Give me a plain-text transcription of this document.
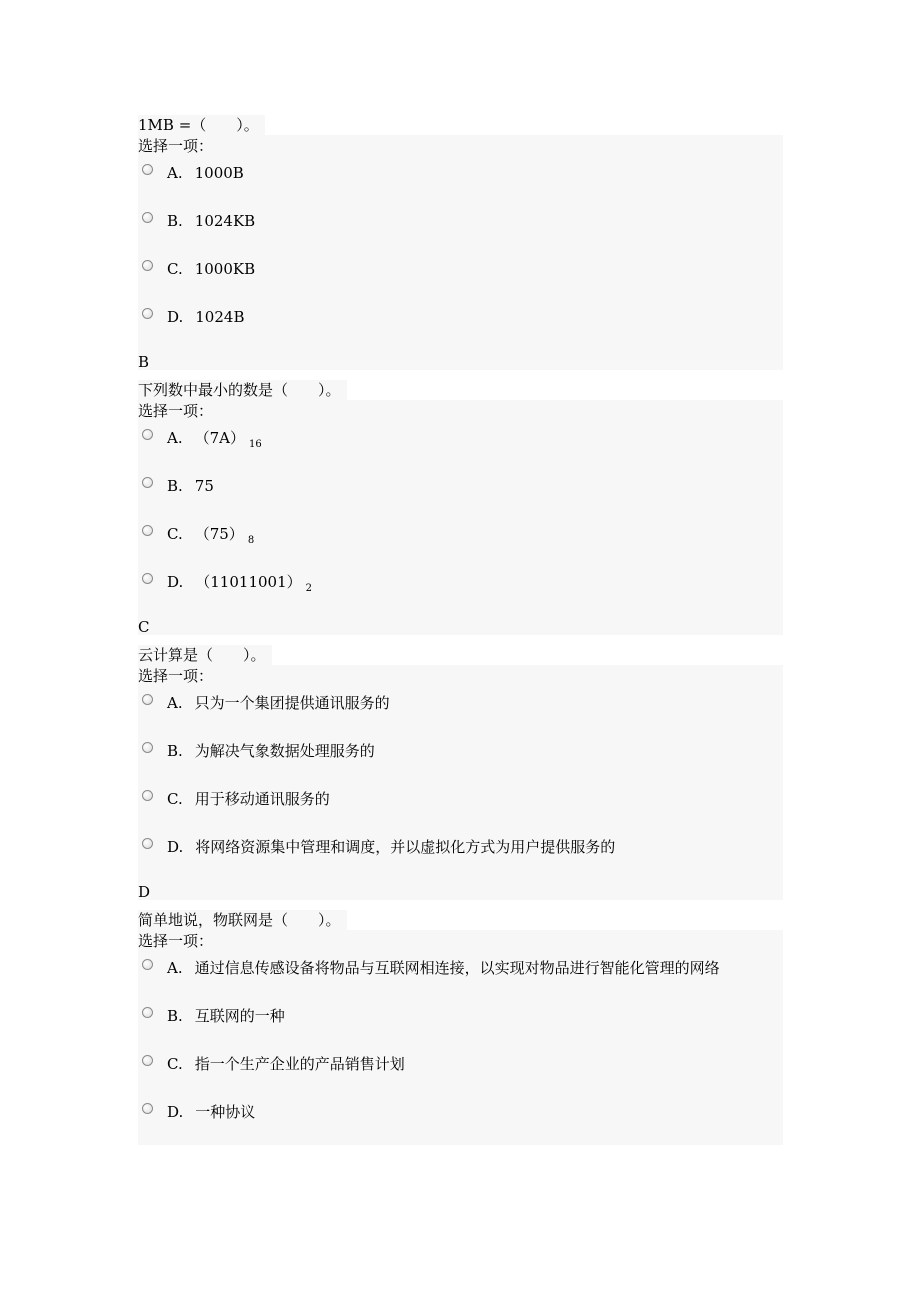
1MB =（　　）。
选择一项：
A. 1000B
B. 1024KB
C. 1000KB
D. 1024B
B
下列数中最小的数是（　　）。
选择一项：
A. （7A） $_{16}$
B. 75
C. （75） $_8$
D. （11011001） $_2$
C
云计算是（　　）。
选择一项：
A. 只为一个集团提供通讯服务的
B. 为解决气象数据处理服务的
C. 用于移动通讯服务的
D. 将网络资源集中管理和调度，并以虚拟化方式为用户提供服务的
D
简单地说，物联网是（　　）。
选择一项：
A. 通过信息传感设备将物品与互联网相连接，以实现对物品进行智能化管理的网络
B. 互联网的一种
C. 指一个生产企业的产品销售计划
D. 一种协议
